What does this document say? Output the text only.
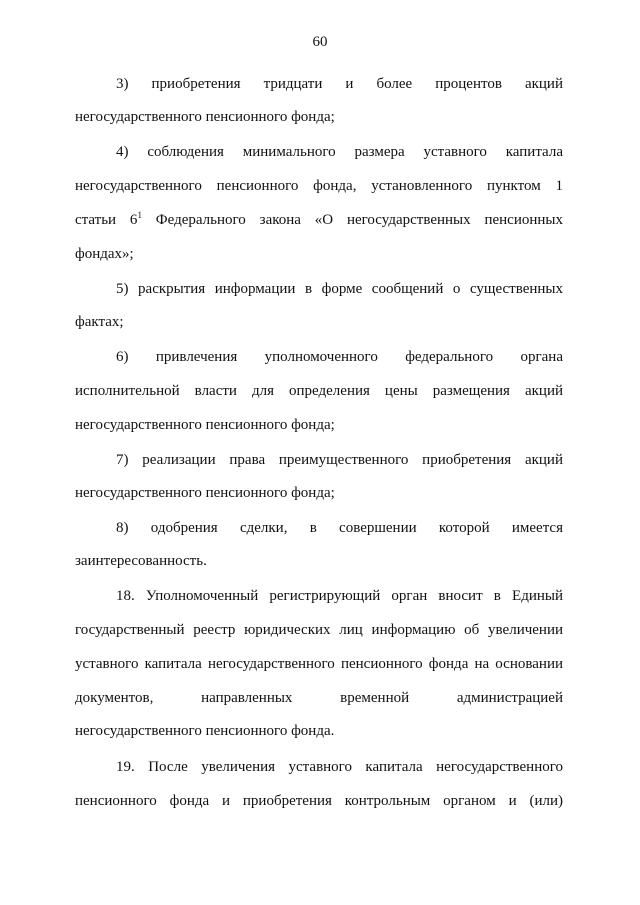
60
3) приобретения тридцати и более процентов акций
негосударственного пенсионного фонда;
4) соблюдения минимального размера уставного капитала
негосударственного пенсионного фонда, установленного пунктом 1
статьи $6^1$ Федерального закона «О негосударственных пенсионных
фондах»;
5) раскрытия информации в форме сообщений о существенных
фактах;
6) привлечения уполномоченного федерального органа
исполнительной власти для определения цены размещения акций
негосударственного пенсионного фонда;
7) реализации права преимущественного приобретения акций
негосударственного пенсионного фонда;
8) одобрения сделки, в совершении которой имеется
заинтересованность.
18. Уполномоченный регистрирующий орган вносит в Единый
государственный реестр юридических лиц информацию об увеличении
уставного капитала негосударственного пенсионного фонда на основании
документов, направленных временной администрацией
негосударственного пенсионного фонда.
19. После увеличения уставного капитала негосударственного
пенсионного фонда и приобретения контрольным органом и (или)
